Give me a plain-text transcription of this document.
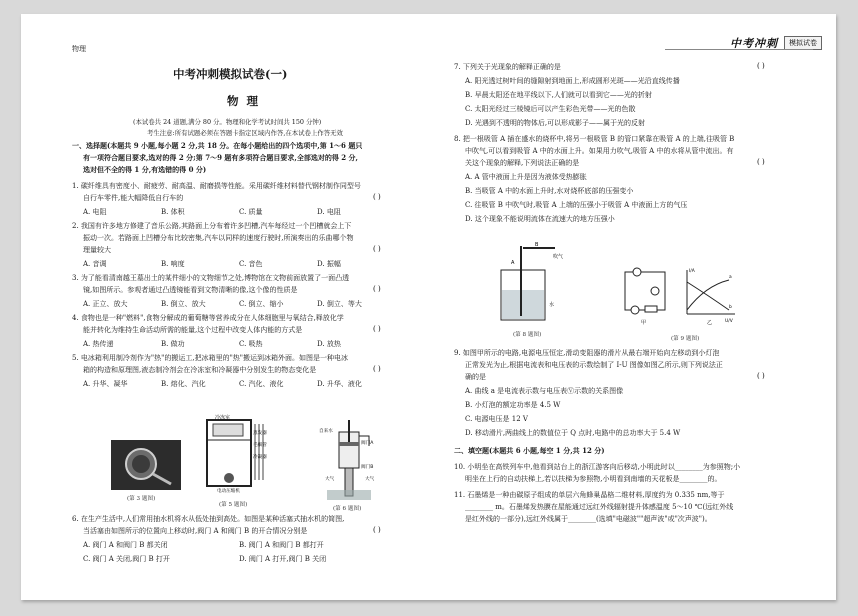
物理	中考冲刺	模拟试卷
中考冲刺模拟试卷(一)
物 理
(本试卷共 24 道题,满分 80 分。物理和化学考试时间共 150 分钟)
考生注意:所有试题必须在答题卡指定区域内作答,在本试卷上作答无效
一、选择题(本题共 9 小题,每小题 2 分,共 18 分。在每小题给出的四个选项中,第 1～6 题只
有一项符合题目要求,选对的得 2 分;第 7～9 题有多项符合题目要求,全部选对的得 2 分,
选对但不全的得 1 分,有选错的得 0 分)
1. 碳纤维具有密度小、耐疲劳、耐高温、耐磨损等性能。采用碳纤维材料替代钢材制作同型号
自行车零件,能大幅降低自行车的	( )
A. 电阻	B. 体积	C. 质量	D. 电阻
2. 我国有许多地方修建了音乐公路,其路面上分布着许多凹槽,汽车每经过一个凹槽就会上下
振动一次。若路面上凹槽分布比较密集,汽车以同样的速度行驶时,所演奏出的乐曲哪个物
理量较大	( )
A. 音调	B. 响度	C. 音色	D. 振幅
3. 为了能看清南越王墓出土的某件细小的文物细节之处,博物馆在文物前面放置了一面凸透
镜,如图所示。参观者通过凸透镜能看到文物清晰的像,这个像的性质是	( )
A. 正立、放大	B. 倒立、放大	C. 倒立、缩小	D. 倒立、等大
4. 食物也是一种"燃料",食物分解成的葡萄糖等营养成分在人体细胞里与氧结合,释放化学
能并转化为维持生命活动所需的能量,这个过程中改变人体内能的方式是	( )
A. 热传递	B. 做功	C. 吸热	D. 放热
5. 电冰箱利用制冷剂作为"热"的搬运工,把冰箱里的"热"搬运到冰箱外面。如图是一种电冰
箱的构造和原理图,液态制冷剂会在冷冻室和冷凝器中分别发生的物态变化是	( )
A. 升华、凝华	B. 熔化、汽化	C. 汽化、液化	D. 升华、液化
(第 3 题图)
冷冻室
冷凝器
电动压缩机
蒸发器
毛细管
(第 5 题图)
阀门A
阀门B
大气	大气
自来水
(第 6 题图)
6. 在生产生活中,人们常用抽水机将水从低处抽到高处。如图是某种活塞式抽水机的简图,
当活塞由如图所示的位置向上移动时,阀门 A 和阀门 B 的开合情况分别是	( )
A. 阀门 A 和阀门 B 都关闭	B. 阀门 A 和阀门 B 都打开
C. 阀门 A 关闭,阀门 B 打开	D. 阀门 A 打开,阀门 B 关闭
7. 下列关于光现象的解释正确的是	( )
A. 阳光透过树叶间的缝隙射到地面上,形成圆形光斑——光沿直线传播
B. 早晨太阳还在地平线以下,人们就可以看到它——光的折射
C. 太阳光经过三棱镜后可以产生彩色光带——光的色散
D. 光遇到不透明的物体后,可以形成影子——属于光的反射
8. 把一根吸管 A 插在盛水的烧杯中,将另一根吸管 B 的管口紧靠在吸管 A 的上端,往吸管 B
中吹气,可以看到吸管 A 中的水面上升。如果用力吹气,吸管 A 中的水将从管中流出。有
关这个现象的解释,下列说法正确的是	( )
A. A 管中液面上升是因为液体受热膨胀
B. 当吸管 A 中的水面上升时,水对烧杯底部的压强变小
C. 往吸管 B 中吹气时,吸管 A 上端的压强小于吸管 A 中液面上方的气压
D. 这个现象不能说明流体在流速大的地方压强小
A
B
吹气
水
(第 8 题图)
甲	乙
I/A
U/V
a
b
(第 9 题图)
9. 如图甲所示的电路,电源电压恒定,滑动变阻器的滑片从最右端开始向左移动到小灯泡
正常发光为止,根据电流表和电压表的示数绘制了 I-U 图像如图乙所示,则下列说法正
确的是	( )
A. 曲线 a 是电流表示数与电压表Ⓥ示数的关系图像
B. 小灯泡的额定功率是 4.5 W
C. 电源电压是 12 V
D. 移动滑片,两曲线上的数值位于 Q 点时,电路中的总功率大于 5.4 W
二、填空题(本题共 6 小题,每空 1 分,共 12 分)
10. 小明坐在高铁列车中,他看到站台上的浙江游客向后移动,小明此时以________为参照物;小
明坐在上行的自动扶梯上,若以扶梯为参照物,小明看到南墙的天花板是________的。
11. 石墨烯是一种由碳原子组成的单层六角蜂巢晶格二维材料,厚度约为 0.335 nm,等于
________ m。石墨烯发热膜在屋能通过远红外线辐射提升体感温度 5～10 ℃(远红外线
是红外线的一部分),远红外线属于________(选填"电磁波""超声波"或"次声波")。
